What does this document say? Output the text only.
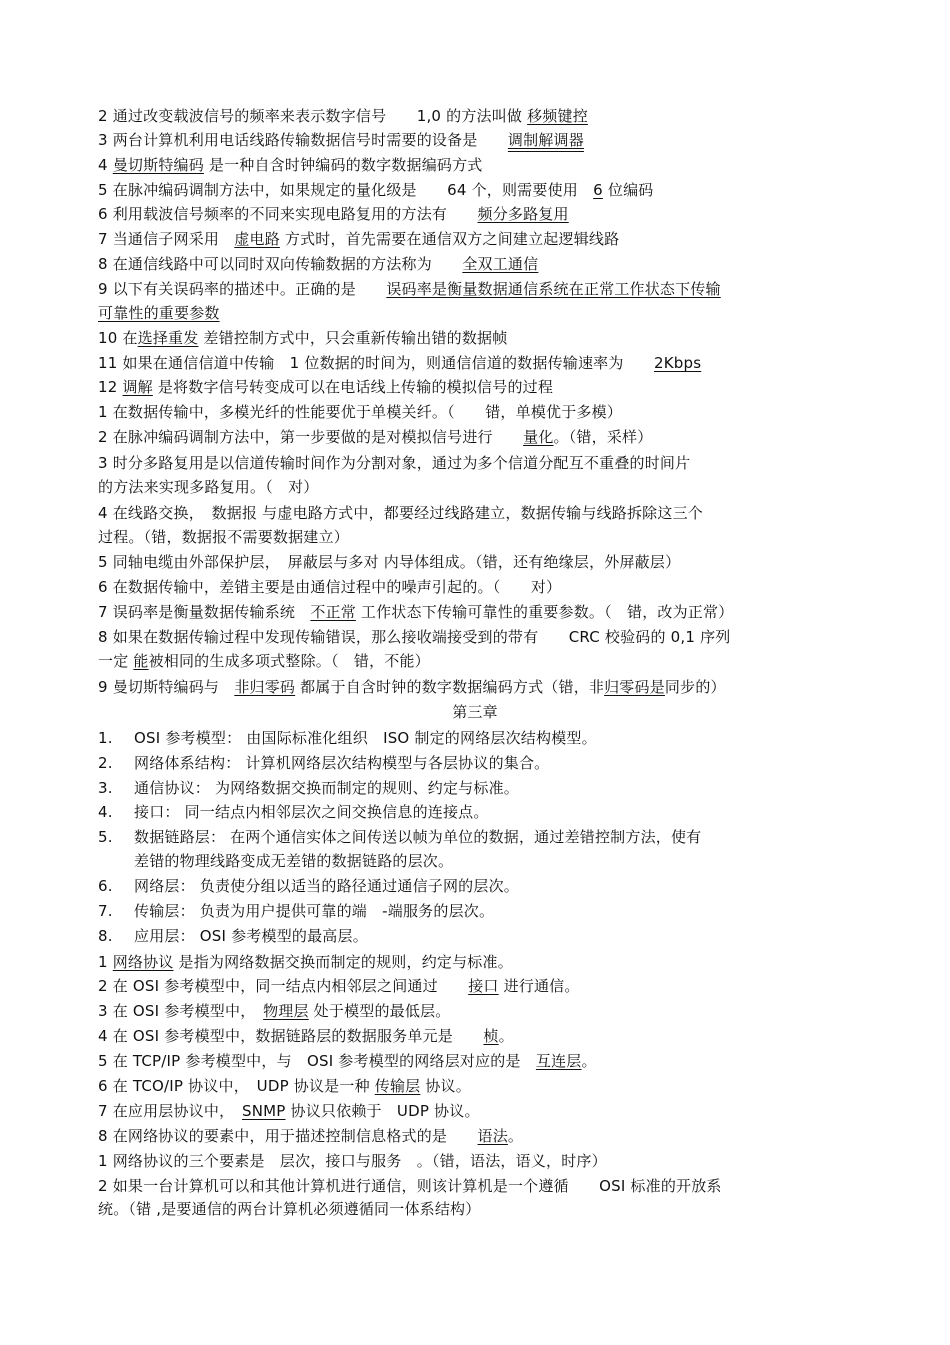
2 通过改变载波信号的频率来表示数字信号　　1,0 的方法叫做 移频键控
3 两台计算机利用电话线路传输数据信号时需要的设备是　　调制解调器
4 曼切斯特编码 是一种自含时钟编码的数字数据编码方式
5 在脉冲编码调制方法中，如果规定的量化级是　　64 个，则需要使用　6 位编码
6 利用载波信号频率的不同来实现电路复用的方法有　　频分多路复用
7 当通信子网采用　虚电路 方式时，首先需要在通信双方之间建立起逻辑线路
8 在通信线路中可以同时双向传输数据的方法称为　　全双工通信
9 以下有关误码率的描述中。正确的是　　误码率是衡量数据通信系统在正常工作状态下传输
可靠性的重要参数
10 在选择重发 差错控制方式中，只会重新传输出错的数据帧
11 如果在通信信道中传输　1 位数据的时间为，则通信信道的数据传输速率为　　2Kbps
12 调解 是将数字信号转变成可以在电话线上传输的模拟信号的过程
1 在数据传输中，多模光纤的性能要优于单模关纤。（　　错，单模优于多模）
2 在脉冲编码调制方法中，第一步要做的是对模拟信号进行　　量化。（错，采样）
3 时分多路复用是以信道传输时间作为分割对象，通过为多个信道分配互不重叠的时间片
的方法来实现多路复用。（　对）
4 在线路交换，　数据报 与虚电路方式中，都要经过线路建立，数据传输与线路拆除这三个
过程。（错，数据报不需要数据建立）
5 同轴电缆由外部保护层，　屏蔽层与多对 内导体组成。（错，还有绝缘层，外屏蔽层）
6 在数据传输中，差错主要是由通信过程中的噪声引起的。（　　对）
7 误码率是衡量数据传输系统　不正常 工作状态下传输可靠性的重要参数。（　错，改为正常）
8 如果在数据传输过程中发现传输错误，那么接收端接受到的带有　　CRC 校验码的 0,1 序列
一定 能被相同的生成多项式整除。（　错，不能）
9 曼切斯特编码与　非归零码 都属于自含时钟的数字数据编码方式（错，非归零码是同步的）
第三章
1. OSI 参考模型： 由国际标准化组织　ISO 制定的网络层次结构模型。
2. 网络体系结构： 计算机网络层次结构模型与各层协议的集合。
3. 通信协议： 为网络数据交换而制定的规则、约定与标准。
4. 接口： 同一结点内相邻层次之间交换信息的连接点。
5. 数据链路层： 在两个通信实体之间传送以帧为单位的数据，通过差错控制方法，使有
差错的物理线路变成无差错的数据链路的层次。
6. 网络层： 负责使分组以适当的路径通过通信子网的层次。
7. 传输层： 负责为用户提供可靠的端　-端服务的层次。
8. 应用层： OSI 参考模型的最高层。
1 网络协议 是指为网络数据交换而制定的规则，约定与标准。
2 在 OSI 参考模型中，同一结点内相邻层之间通过　　接口 进行通信。
3 在 OSI 参考模型中，　物理层 处于模型的最低层。
4 在 OSI 参考模型中，数据链路层的数据服务单元是　　桢。
5 在 TCP/IP 参考模型中，与　OSI 参考模型的网络层对应的是　互连层。
6 在 TCO/IP 协议中，　UDP 协议是一种 传输层 协议。
7 在应用层协议中，　SNMP 协议只依赖于　UDP 协议。
8 在网络协议的要素中，用于描述控制信息格式的是　　语法。
1 网络协议的三个要素是　层次，接口与服务　。（错，语法，语义，时序）
2 如果一台计算机可以和其他计算机进行通信，则该计算机是一个遵循　　OSI 标准的开放系
统。（错 ,是要通信的两台计算机必须遵循同一体系结构）
